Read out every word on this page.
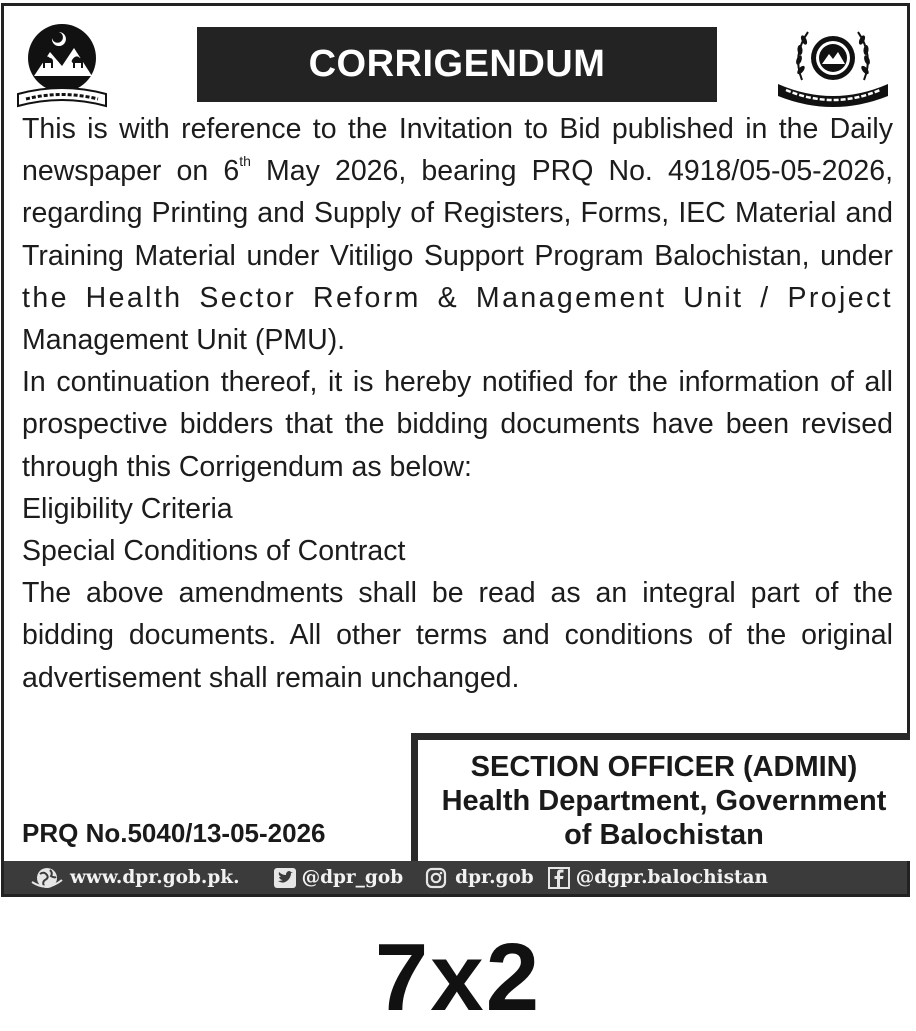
CORRIGENDUM

This is with reference to the Invitation to Bid published in the Daily newspaper on 6th May 2026, bearing PRQ No. 4918/05-05-2026, regarding Printing and Supply of Registers, Forms, IEC Material and Training Material under Vitiligo Support Program Balochistan, under the Health Sector Reform & Management Unit / Project Management Unit (PMU).

In continuation thereof, it is hereby notified for the information of all prospective bidders that the bidding documents have been revised through this Corrigendum as below:

Eligibility Criteria

Special Conditions of Contract

The above amendments shall be read as an integral part of the bidding documents. All other terms and conditions of the original advertisement shall remain unchanged.

PRQ No.5040/13-05-2026
SECTION OFFICER (ADMIN)
Health Department, Government
of Balochistan
www.dpr.gob.pk.	@dpr_gob	dpr.gob @dgpr.balochistan
7x2
